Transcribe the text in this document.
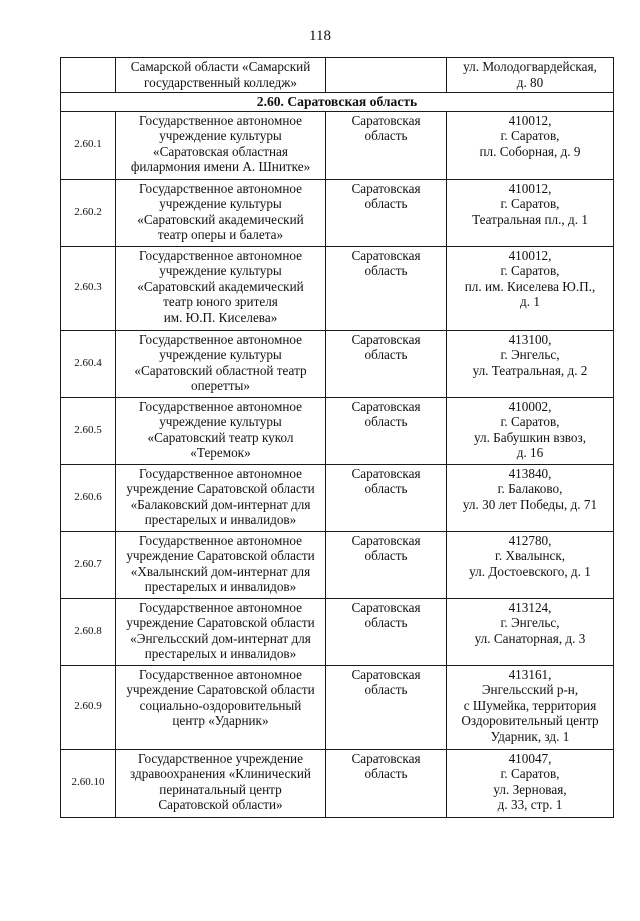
118

	Самарской области «Самарский
государственный колледж»		ул. Молодогвардейская,
д. 80

2.60. Саратовская область			
2.60.1	Государственное автономное
учреждение культуры
«Саратовская областная
филармония имени А. Шнитке»	Саратовская
область	410012,
г. Саратов,
пл. Соборная, д. 9

2.60.2	Государственное автономное
учреждение культуры
«Саратовский академический
театр оперы и балета»	Саратовская
область	410012,
г. Саратов,
Театральная пл., д. 1

2.60.3	Государственное автономное
учреждение культуры
«Саратовский академический
театр юного зрителя
им. Ю.П. Киселева»	Саратовская
область	410012,
г. Саратов,
пл. им. Киселева Ю.П.,
д. 1

2.60.4	Государственное автономное
учреждение культуры
«Саратовский областной театр
оперетты»	Саратовская
область	413100,
г. Энгельс,
ул. Театральная, д. 2

2.60.5	Государственное автономное
учреждение культуры
«Саратовский театр кукол
«Теремок»	Саратовская
область	410002,
г. Саратов,
ул. Бабушкин взвоз,
д. 16

2.60.6	Государственное автономное
учреждение Саратовской области
«Балаковский дом-интернат для
престарелых и инвалидов»	Саратовская
область	413840,
г. Балаково,
ул. 30 лет Победы, д. 71

2.60.7	Государственное автономное
учреждение Саратовской области
«Хвалынский дом-интернат для
престарелых и инвалидов»	Саратовская
область	412780,
г. Хвалынск,
ул. Достоевского, д. 1

2.60.8	Государственное автономное
учреждение Саратовской области
«Энгельсский дом-интернат для
престарелых и инвалидов»	Саратовская
область	413124,
г. Энгельс,
ул. Санаторная, д. 3

2.60.9	Государственное автономное
учреждение Саратовской области
социально-оздоровительный
центр «Ударник»	Саратовская
область	413161,
Энгельсский р-н,
с Шумейка, территория
Оздоровительный центр
Ударник, зд. 1

2.60.10	Государственное учреждение
здравоохранения «Клинический
перинатальный центр
Саратовской области»	Саратовская
область	410047,
г. Саратов,
ул. Зерновая,
д. 33, стр. 1
